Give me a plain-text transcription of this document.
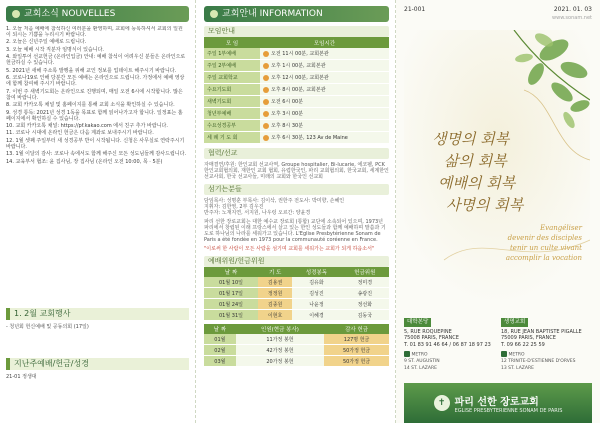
교회소식 NOUVELLES

1. 오늘 처음 예배에 참석하신 여러분을 환영하며, 교회에 등록하셔서 교회의 일원이 되시는 기쁨을 누리시기 바랍니다.

2. 오늘은 신년주일 예배로 드립니다.

3. 오늘 예배 시작 직분자 임명식이 있습니다.

4. 와일투어 선교헌금 (온라인입금) 안내: 예배 참석이 어려우신 분들은 온라인으로 헌금하실 수 있습니다.

5. 2021년 새해 주소록 발행을 위해 교인 정보를 업데이트 해주시기 바랍니다.

6. 코로나19로 인해 당분간 모든 예배는 온라인으로 드립니다. 가정에서 예배 영상에 함께 참여해 주시기 바랍니다.

7. 이번 주 새벽기도회는 온라인으로 진행되며, 매일 오전 6시에 시작합니다. 많은 참여 바랍니다.

8. 교회 카카오톡 채널 및 홈페이지를 통해 교회 소식을 확인하실 수 있습니다.

9. 성경 통독: 2021년 성경 1독을 목표로 함께 읽어나가고자 합니다. 일정표는 홈페이지에서 확인하실 수 있습니다.

10. 교회 카카오톡 채널: https://pf.kakao.com 에서 친구 추가 바랍니다.

11. 코로나 시대에 온라인 헌금은 다음 계좌로 보내주시기 바랍니다.

12. 1월 셋째 주일부터 새 성경공부 반이 시작됩니다. 신청은 사무실로 연락주시기 바랍니다.

13. 1월 이달의 감사: 코로나 속에서도 함께 해주신 모든 성도님들께 감사드립니다.

14. 교육부서 협조: 윤 집사님, 장 집사님 (온라인 오전 10:00, 목 · 5분)

1. 2월 교회행사
- 청년회 헌신예배 및 공동의회 (17일)
지난주예배/헌금/성경
21-01 정생대
교회안내 INFORMATION
모임안내
모 임	모임시간
주일 1부예배	오전 11시 00분, 교회본관
주일 2부예배	오후 1시 00분, 교회본관
주일 교회학교	오후 12시 00분, 교회본관
수요기도회	오후 8시 00분, 교회본관
새벽기도회	오전 6시 00분
청년부예배	오후 3시 00분
수요성경공부	오후 8시 30분
세 례 기 도 회	오후 6시 30분, 123 Av de Maine
협력/선교
자매결연/후원: 한인교회 선교사역, Groupe hospitalier, Bi-lucarie, 에코펠, PCK 한인교회협의회, 재한인 교회 협회, 유럽한국인, 파리 교회협의회, 한국교회, 세계한인선교사회, 한국 선교사들, 미래의 교회와 한국인 선교회
섬기는분들
담임목사: 성명훈 부목사: 김이삭, 권한주 전도사: 박미향, 손혜인
지휘자: 김한영, 2부 김우진
반주자: 노재지연, 서지원, 나우렁 오르간: 양윤경
파리 선한 장로교회는 대한 예수교 장로회 (통합) 교단에 소속되어 있으며, 1973년 파리에서 창립된 이래 프랑스에서 살고 있는 한인 성도들과 함께 예배하며 말씀과 기도로 하나님의 나라를 세워가고 있습니다. L'Eglise Presbytérienne Sonam de Paris a été fondée en 1973 pour la communauté coréenne en France.
"이로써 한 사람이 모든 사람을 섬기며 교회를 세워가는 교회가 되게 하옵소서"
예배위원/헌금위원
날 짜	기 도	성경봉독	헌금위원
01월 10일	김용권	김유화	정미경
01월 17일	정정원	김성진	송광진
01월 24일	김종원	나윤정	정선화
01월 31일	이현호	이혜경	김동국
날 짜	인원(현금 봉사)	감사 헌금
01월	11가정 봉헌	127명 헌금
02월	42가정 봉헌	50가정 헌금
03월	20가정 봉헌	50가정 헌금
21-001	2021. 01. 03
www.sonam.net
생명의 회복
삶의 회복
예배의 회복
사명의 회복
Evangéliser
devenir des disciples
tenir un culte vivant
accomplir la vocation
대학본당
5, RUE ROQUEPINE
75008 PARIS, FRANCE
T. 01 83 91 46 64 / 06 87 18 97 23
METRO
9 ST. AUGUSTIN
14 ST. LAZARE
생명교회
18, RUE JEAN BAPTISTE PIGALLE
75009 PARIS, FRANCE
T. 09 66 22 25 59
METRO
12 TRINITE-D'ESTIENNE D'ORVES
13 ST. LAZARE
✝ 파리 선한 장로교회
EGLISE PRESBYTERIENNE SONAM DE PARIS
